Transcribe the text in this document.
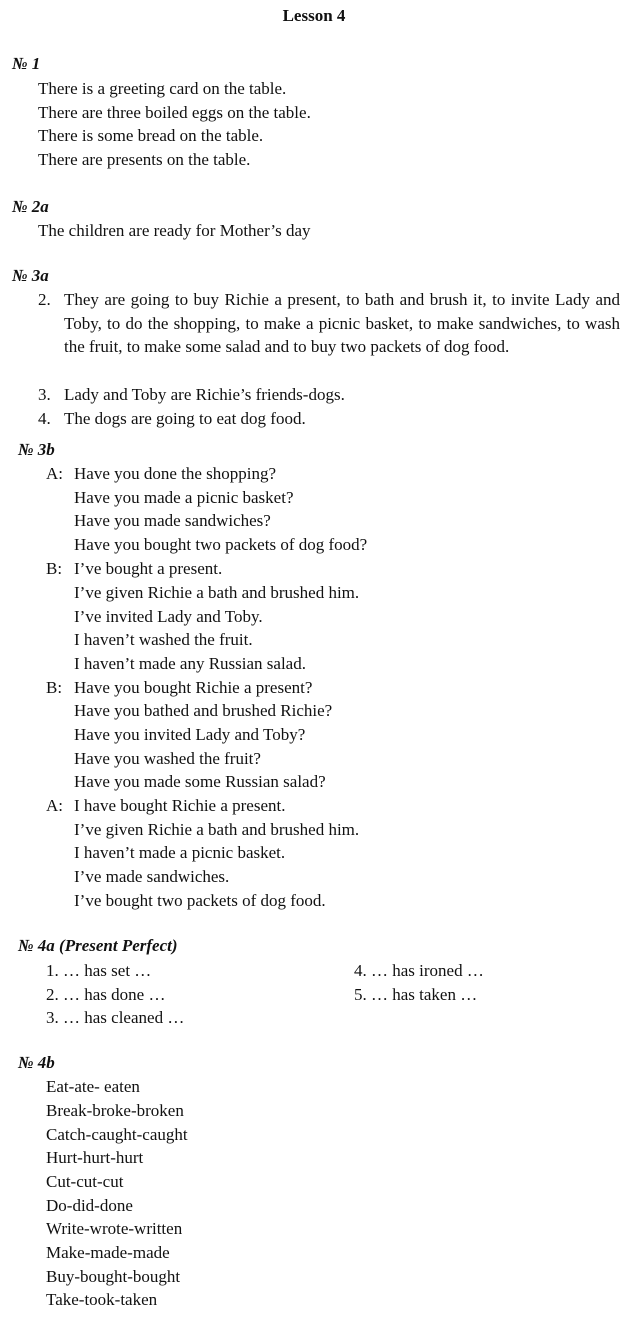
Lesson 4
№ 1
There is a greeting card on the table.
There are three boiled eggs on the table.
There is some bread on the table.
There are presents on the table.
№ 2a
The children are ready for Mother’s day
№ 3a
2. They are going to buy Richie a present, to bath and brush it, to invite Lady and Toby, to do the shopping, to make a picnic basket, to make sandwiches, to wash the fruit, to make some salad and to buy two packets of dog food.
3. Lady and Toby are Richie’s friends-dogs.
4. The dogs are going to eat dog food.
№ 3b
A: Have you done the shopping?
Have you made a picnic basket?
Have you made sandwiches?
Have you bought two packets of dog food?
B: I’ve bought a present.
I’ve given Richie a bath and brushed him.
I’ve invited Lady and Toby.
I haven’t washed the fruit.
I haven’t made any Russian salad.
B: Have you bought Richie a present?
Have you bathed and brushed Richie?
Have you invited Lady and Toby?
Have you washed the fruit?
Have you made some Russian salad?
A: I have bought Richie a present.
I’ve given Richie a bath and brushed him.
I haven’t made a picnic basket.
I’ve made sandwiches.
I’ve bought two packets of dog food.
№ 4a (Present Perfect)
1. … has set …
2. … has done …
3. … has cleaned …
4. … has ironed …
5. … has taken …
№ 4b
Eat-ate- eaten
Break-broke-broken
Catch-caught-caught
Hurt-hurt-hurt
Cut-cut-cut
Do-did-done
Write-wrote-written
Make-made-made
Buy-bought-bought
Take-took-taken
